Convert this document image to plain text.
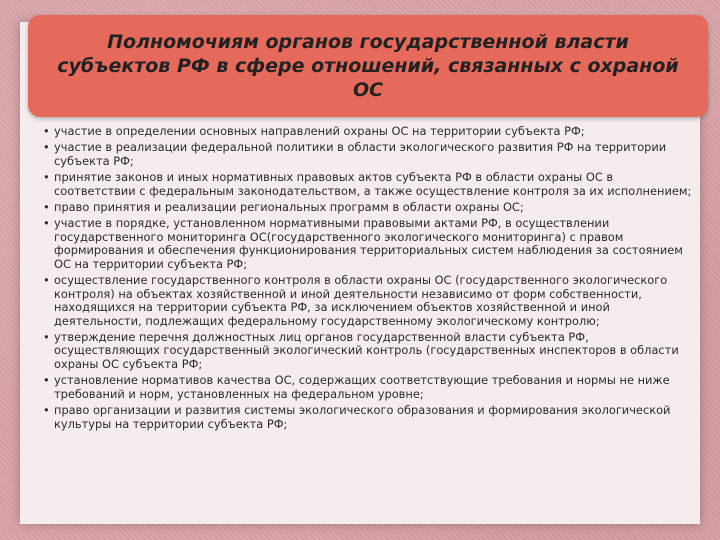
Полномочиям органов государственной власти субъектов РФ в сфере отношений, связанных с охраной ОС
• участие в определении основных направлений охраны ОС на территории субъекта РФ;
• участие в реализации федеральной политики в области экологического развития РФ на территории субъекта РФ;
• принятие законов и иных нормативных правовых актов субъекта РФ в области охраны ОС в соответствии с федеральным законодательством, а также осуществление контроля за их исполнением;
• право принятия и реализации региональных программ в области охраны ОС;
• участие в порядке, установленном нормативными правовыми актами РФ, в осуществлении государственного мониторинга ОС(государственного экологического мониторинга) с правом формирования и обеспечения функционирования территориальных систем наблюдения за состоянием ОС на территории субъекта РФ;
• осуществление государственного контроля в области охраны ОС (государственного экологического контроля) на объектах хозяйственной и иной деятельности независимо от форм собственности, находящихся на территории субъекта РФ, за исключением объектов хозяйственной и иной деятельности, подлежащих федеральному государственному экологическому контролю;
• утверждение перечня должностных лиц органов государственной власти субъекта РФ, осуществляющих государственный экологический контроль (государственных инспекторов в области охраны ОС субъекта РФ;
• установление нормативов качества ОС, содержащих соответствующие требования и нормы не ниже требований и норм, установленных на федеральном уровне;
• право организации и развития системы экологического образования и формирования экологической культуры на территории субъекта РФ;
